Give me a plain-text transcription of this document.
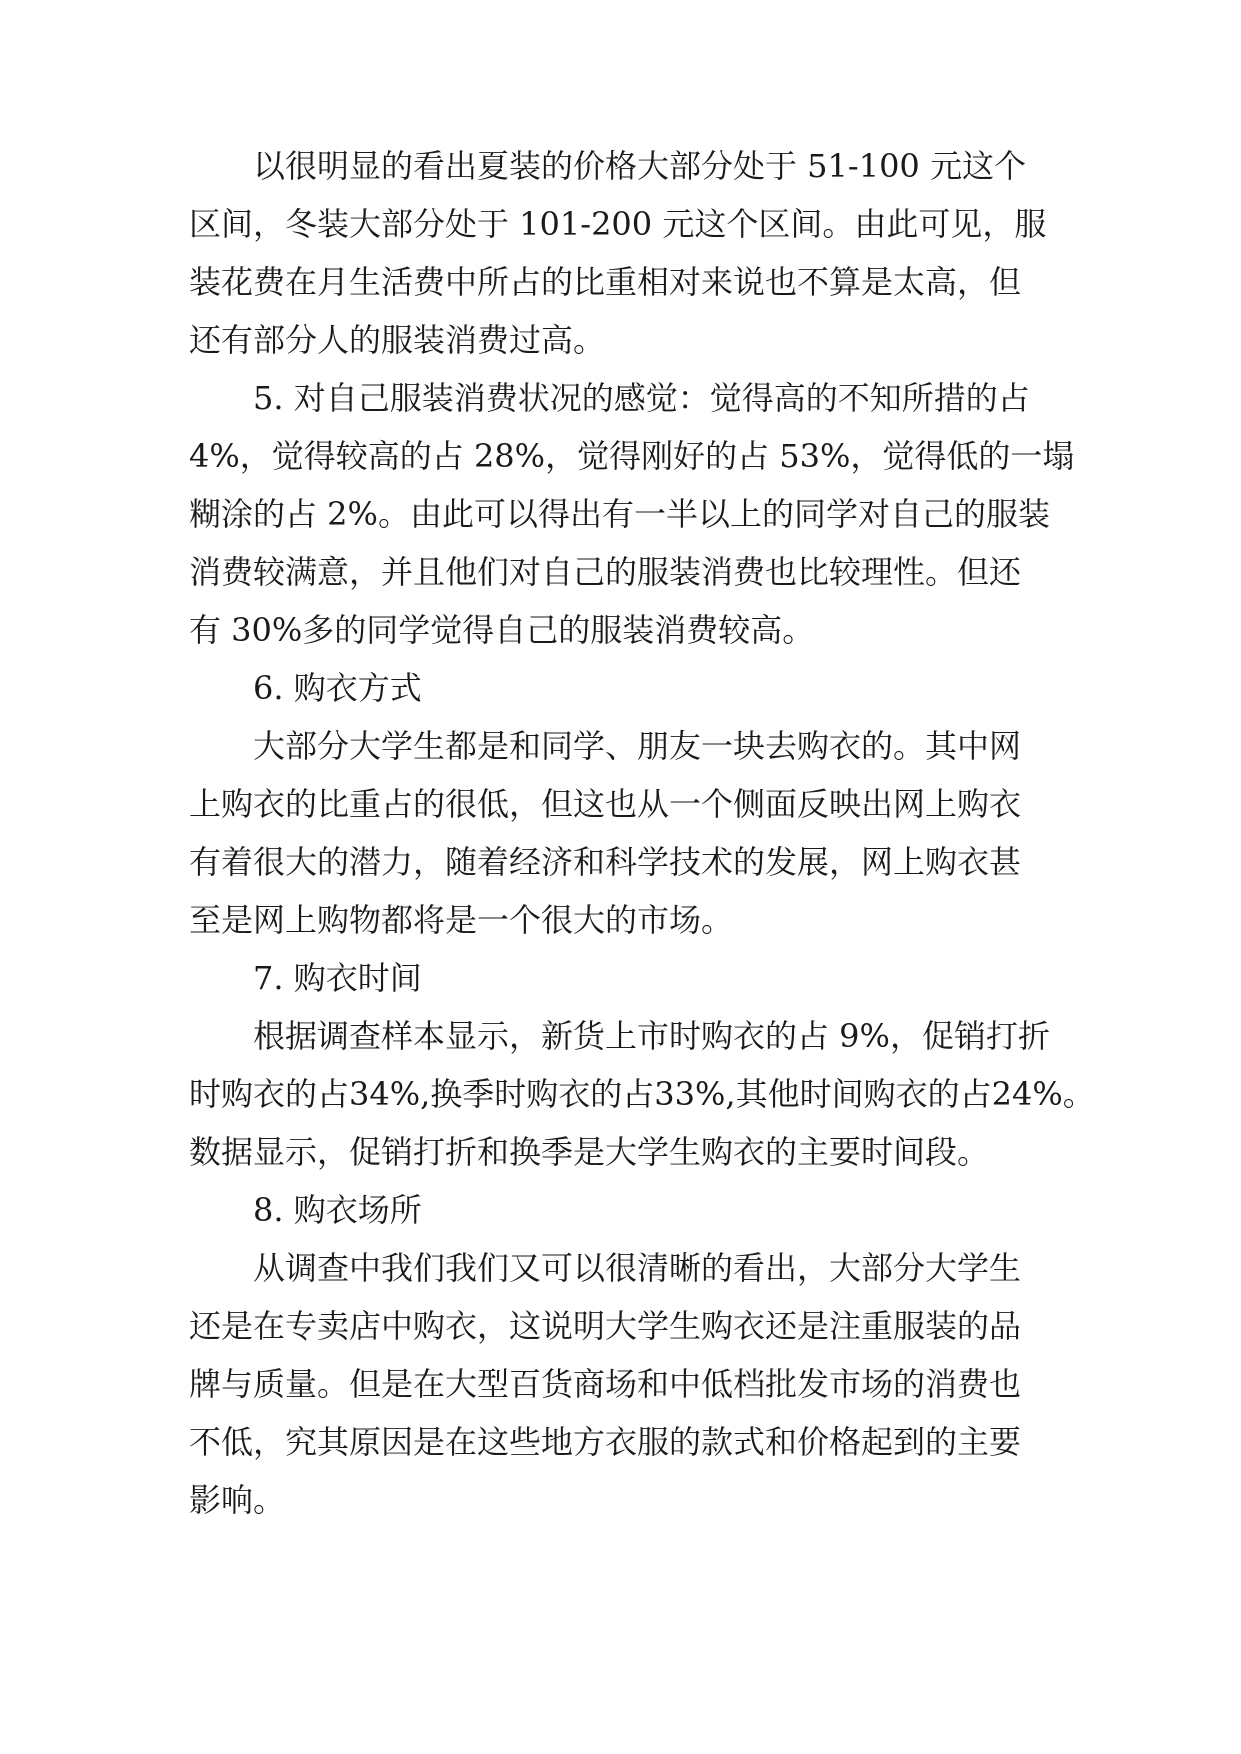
以很明显的看出夏装的价格大部分处于 51-100 元这个
区间，冬装大部分处于 101-200 元这个区间。由此可见，服
装花费在月生活费中所占的比重相对来说也不算是太高，但
还有部分人的服装消费过高。
5. 对自己服装消费状况的感觉：觉得高的不知所措的占
4%，觉得较高的占 28%，觉得刚好的占 53%，觉得低的一塌
糊涂的占 2%。由此可以得出有一半以上的同学对自己的服装
消费较满意，并且他们对自己的服装消费也比较理性。但还
有 30%多的同学觉得自己的服装消费较高。
6. 购衣方式
大部分大学生都是和同学、朋友一块去购衣的。其中网
上购衣的比重占的很低，但这也从一个侧面反映出网上购衣
有着很大的潜力，随着经济和科学技术的发展，网上购衣甚
至是网上购物都将是一个很大的市场。
7. 购衣时间
根据调查样本显示，新货上市时购衣的占 9%，促销打折
时购衣的占34%,换季时购衣的占33%,其他时间购衣的占24%。
数据显示，促销打折和换季是大学生购衣的主要时间段。
8. 购衣场所
从调查中我们我们又可以很清晰的看出，大部分大学生
还是在专卖店中购衣，这说明大学生购衣还是注重服装的品
牌与质量。但是在大型百货商场和中低档批发市场的消费也
不低，究其原因是在这些地方衣服的款式和价格起到的主要
影响。
